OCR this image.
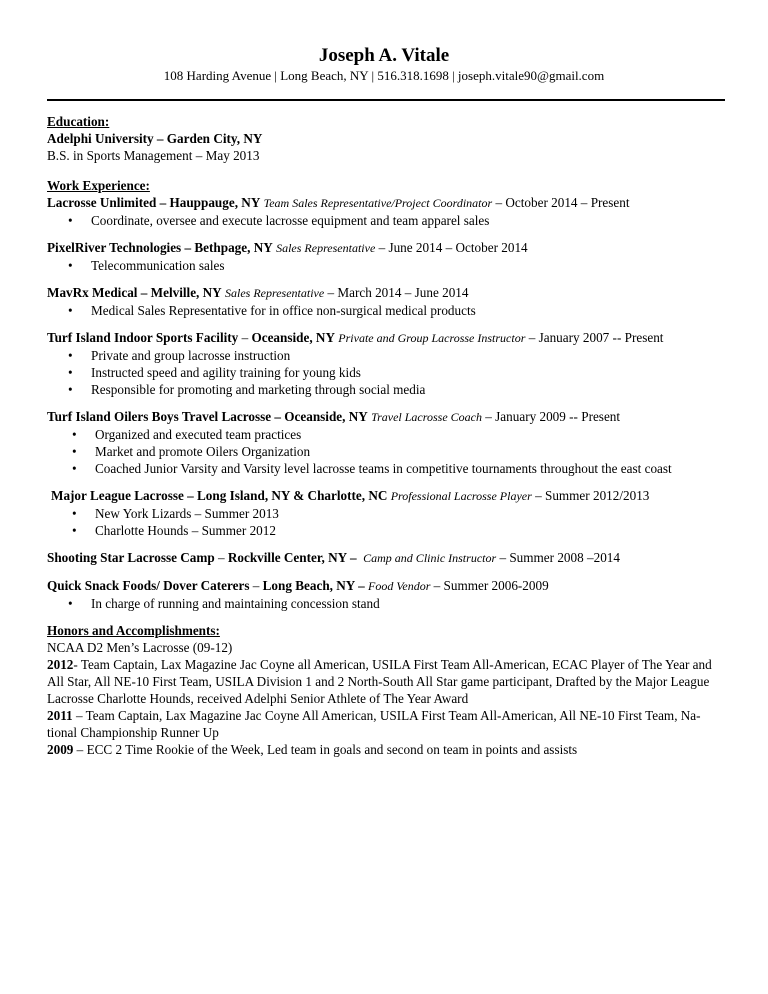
Joseph A. Vitale
108 Harding Avenue | Long Beach, NY | 516.318.1698 | joseph.vitale90@gmail.com
Education:
Adelphi University – Garden City, NY
B.S. in Sports Management – May 2013
Work Experience:
Lacrosse Unlimited – Hauppauge, NY Team Sales Representative/Project Coordinator – October 2014 – Present
• Coordinate, oversee and execute lacrosse equipment and team apparel sales
PixelRiver Technologies – Bethpage, NY Sales Representative – June 2014 – October 2014
• Telecommunication sales
MavRx Medical – Melville, NY Sales Representative – March 2014 – June 2014
• Medical Sales Representative for in office non-surgical medical products
Turf Island Indoor Sports Facility – Oceanside, NY Private and Group Lacrosse Instructor – January 2007 -- Present
• Private and group lacrosse instruction
• Instructed speed and agility training for young kids
• Responsible for promoting and marketing through social media
Turf Island Oilers Boys Travel Lacrosse – Oceanside, NY Travel Lacrosse Coach – January 2009 -- Present
• Organized and executed team practices
• Market and promote Oilers Organization
• Coached Junior Varsity and Varsity level lacrosse teams in competitive tournaments throughout the east coast
Major League Lacrosse – Long Island, NY & Charlotte, NC Professional Lacrosse Player – Summer 2012/2013
• New York Lizards – Summer 2013
• Charlotte Hounds – Summer 2012
Shooting Star Lacrosse Camp – Rockville Center, NY – Camp and Clinic Instructor – Summer 2008 –2014
Quick Snack Foods/ Dover Caterers – Long Beach, NY – Food Vendor – Summer 2006-2009
• In charge of running and maintaining concession stand
Honors and Accomplishments:
NCAA D2 Men’s Lacrosse (09-12)
2012- Team Captain, Lax Magazine Jac Coyne all American, USILA First Team All-American, ECAC Player of The Year and All Star, All NE-10 First Team, USILA Division 1 and 2 North-South All Star game participant, Drafted by the Major League Lacrosse Charlotte Hounds, received Adelphi Senior Athlete of The Year Award
2011 – Team Captain, Lax Magazine Jac Coyne All American, USILA First Team All-American, All NE-10 First Team, Na-tional Championship Runner Up
2009 – ECC 2 Time Rookie of the Week, Led team in goals and second on team in points and assists
